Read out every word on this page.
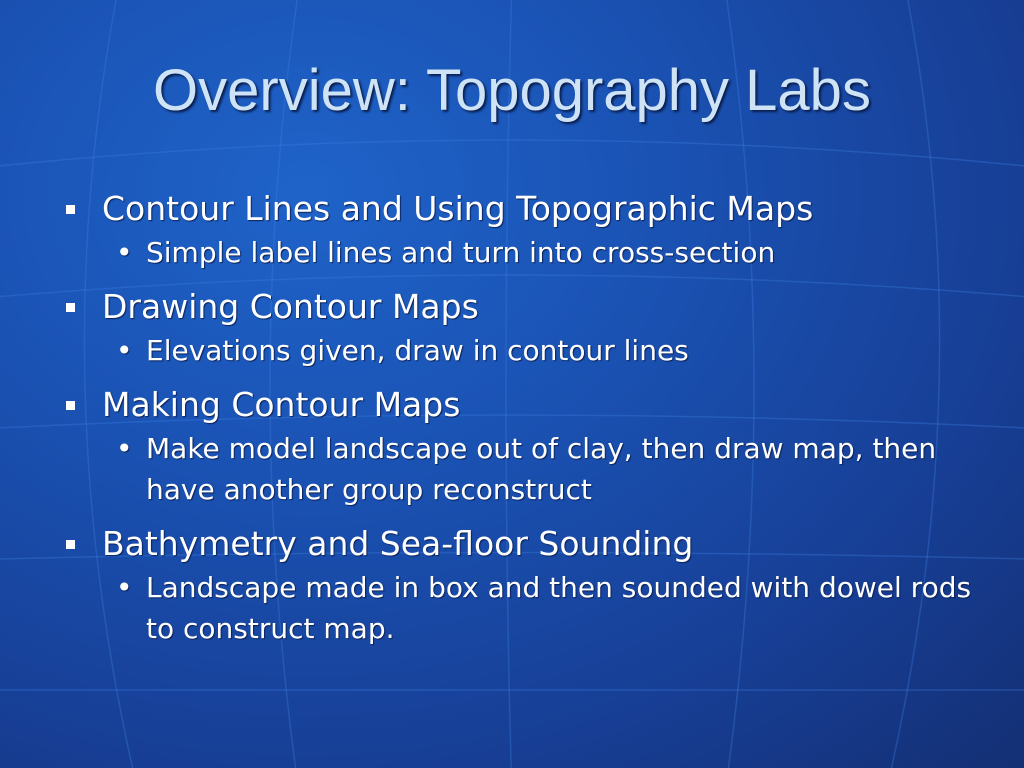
Overview: Topography Labs
Contour Lines and Using Topographic Maps
• Simple label lines and turn into cross-section
Drawing Contour Maps
• Elevations given, draw in contour lines
Making Contour Maps
• Make model landscape out of clay, then draw map, then have another group reconstruct
Bathymetry and Sea-floor Sounding
• Landscape made in box and then sounded with dowel rods to construct map.
